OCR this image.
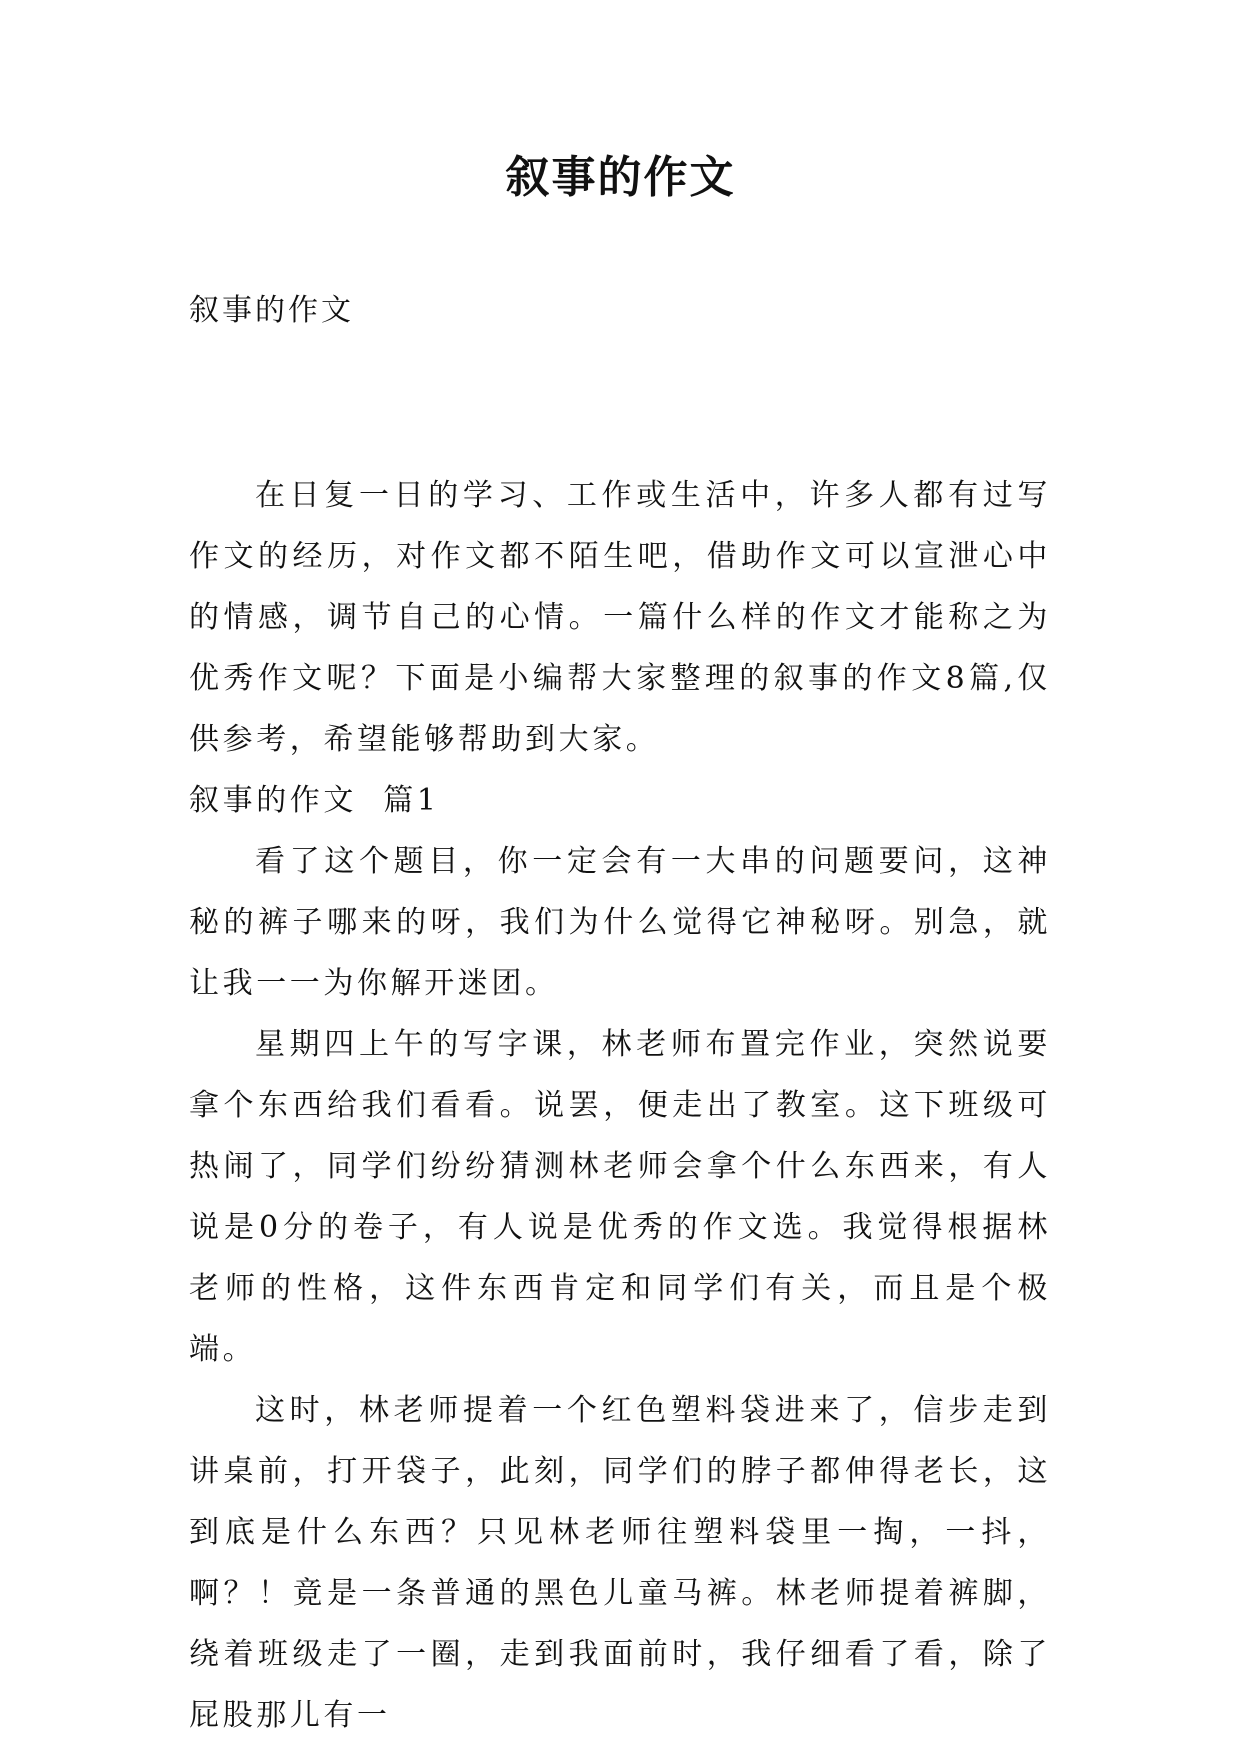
叙事的作文
叙事的作文

在日复一日的学习、工作或生活中，许多人都有过写作文的经历，对作文都不陌生吧，借助作文可以宣泄心中的情感，调节自己的心情。一篇什么样的作文才能称之为优秀作文呢？下面是小编帮大家整理的叙事的作文8篇,仅供参考，希望能够帮助到大家。

叙事的作文  篇1

看了这个题目，你一定会有一大串的问题要问，这神秘的裤子哪来的呀，我们为什么觉得它神秘呀。别急，就让我一一为你解开迷团。

星期四上午的写字课，林老师布置完作业，突然说要拿个东西给我们看看。说罢，便走出了教室。这下班级可热闹了，同学们纷纷猜测林老师会拿个什么东西来，有人说是0分的卷子，有人说是优秀的作文选。我觉得根据林老师的性格，这件东西肯定和同学们有关，而且是个极端。

这时，林老师提着一个红色塑料袋进来了，信步走到讲桌前，打开袋子，此刻，同学们的脖子都伸得老长，这到底是什么东西？只见林老师往塑料袋里一掏，一抖，啊？！竟是一条普通的黑色儿童马裤。林老师提着裤脚，绕着班级走了一圈，走到我面前时，我仔细看了看，除了屁股那儿有一
